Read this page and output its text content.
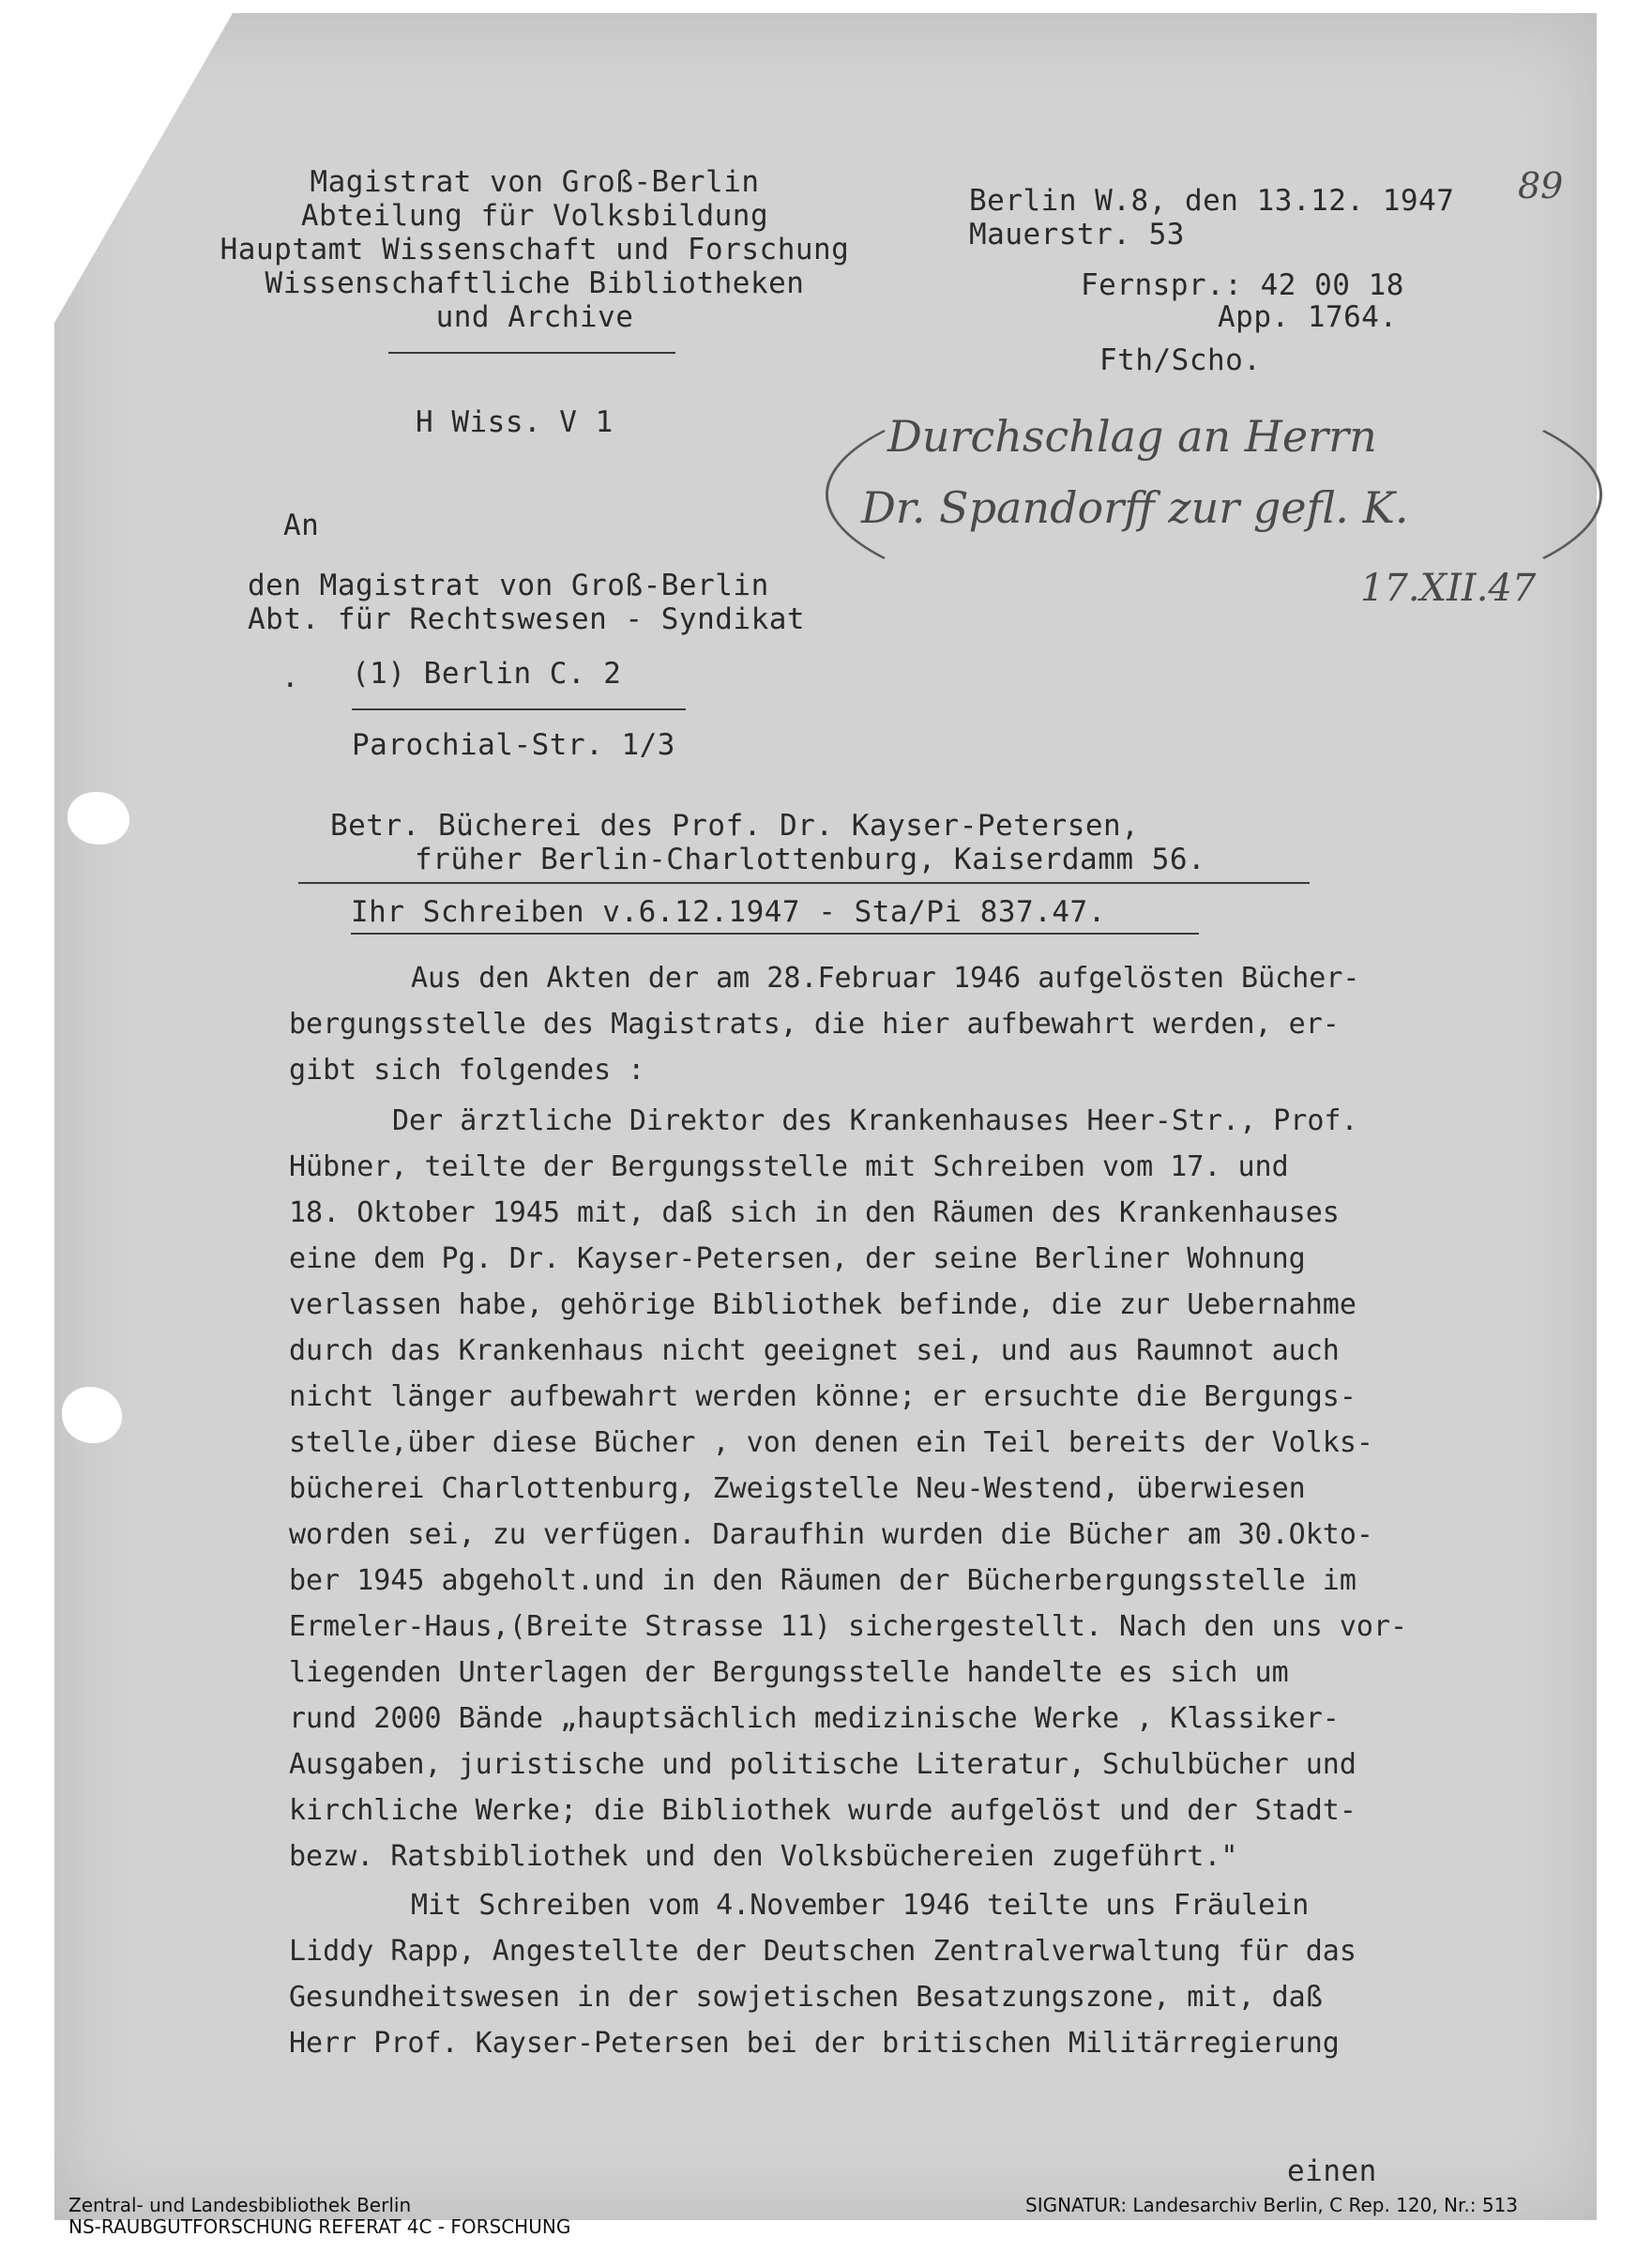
Magistrat von Groß-Berlin
Abteilung für Volksbildung
Hauptamt Wissenschaft und Forschung
Wissenschaftliche Bibliotheken
und Archive
Berlin W.8, den 13.12. 1947
Mauerstr. 53
Fernspr.: 42 00 18
App. 1764.
Fth/Scho.
89
H Wiss. V 1	Durchschlag an Herrn
Dr. Spandorff zur gefl. K.
17.XII.47
An
den Magistrat von Groß-Berlin
Abt. für Rechtswesen - Syndikat
. (1) Berlin C. 2
Parochial-Str. 1/3
Betr. Bücherei des Prof. Dr. Kayser-Petersen,
früher Berlin-Charlottenburg, Kaiserdamm 56.
Ihr Schreiben v.6.12.1947 - Sta/Pi 837.47.
Aus den Akten der am 28.Februar 1946 aufgelösten Bücher-
bergungsstelle des Magistrats, die hier aufbewahrt werden, er-
gibt sich folgendes :
Der ärztliche Direktor des Krankenhauses Heer-Str., Prof.
Hübner, teilte der Bergungsstelle mit Schreiben vom 17. und
18. Oktober 1945 mit, daß sich in den Räumen des Krankenhauses
eine dem Pg. Dr. Kayser-Petersen, der seine Berliner Wohnung
verlassen habe, gehörige Bibliothek befinde, die zur Uebernahme
durch das Krankenhaus nicht geeignet sei, und aus Raumnot auch
nicht länger aufbewahrt werden könne; er ersuchte die Bergungs-
stelle,über diese Bücher , von denen ein Teil bereits der Volks-
bücherei Charlottenburg, Zweigstelle Neu-Westend, überwiesen
worden sei, zu verfügen. Daraufhin wurden die Bücher am 30.Okto-
ber 1945 abgeholt.und in den Räumen der Bücherbergungsstelle im
Ermeler-Haus,(Breite Strasse 11) sichergestellt. Nach den uns vor-
liegenden Unterlagen der Bergungsstelle handelte es sich um
rund 2000 Bände „hauptsächlich medizinische Werke , Klassiker-
Ausgaben, juristische und politische Literatur, Schulbücher und
kirchliche Werke; die Bibliothek wurde aufgelöst und der Stadt-
bezw. Ratsbibliothek und den Volksbüchereien zugeführt."
Mit Schreiben vom 4.November 1946 teilte uns Fräulein
Liddy Rapp, Angestellte der Deutschen Zentralverwaltung für das
Gesundheitswesen in der sowjetischen Besatzungszone, mit, daß
Herr Prof. Kayser-Petersen bei der britischen Militärregierung
einen
Zentral- und Landesbibliothek Berlin
NS-RAUBGUTFORSCHUNG REFERAT 4C - FORSCHUNG
SIGNATUR: Landesarchiv Berlin, C Rep. 120, Nr.: 513
